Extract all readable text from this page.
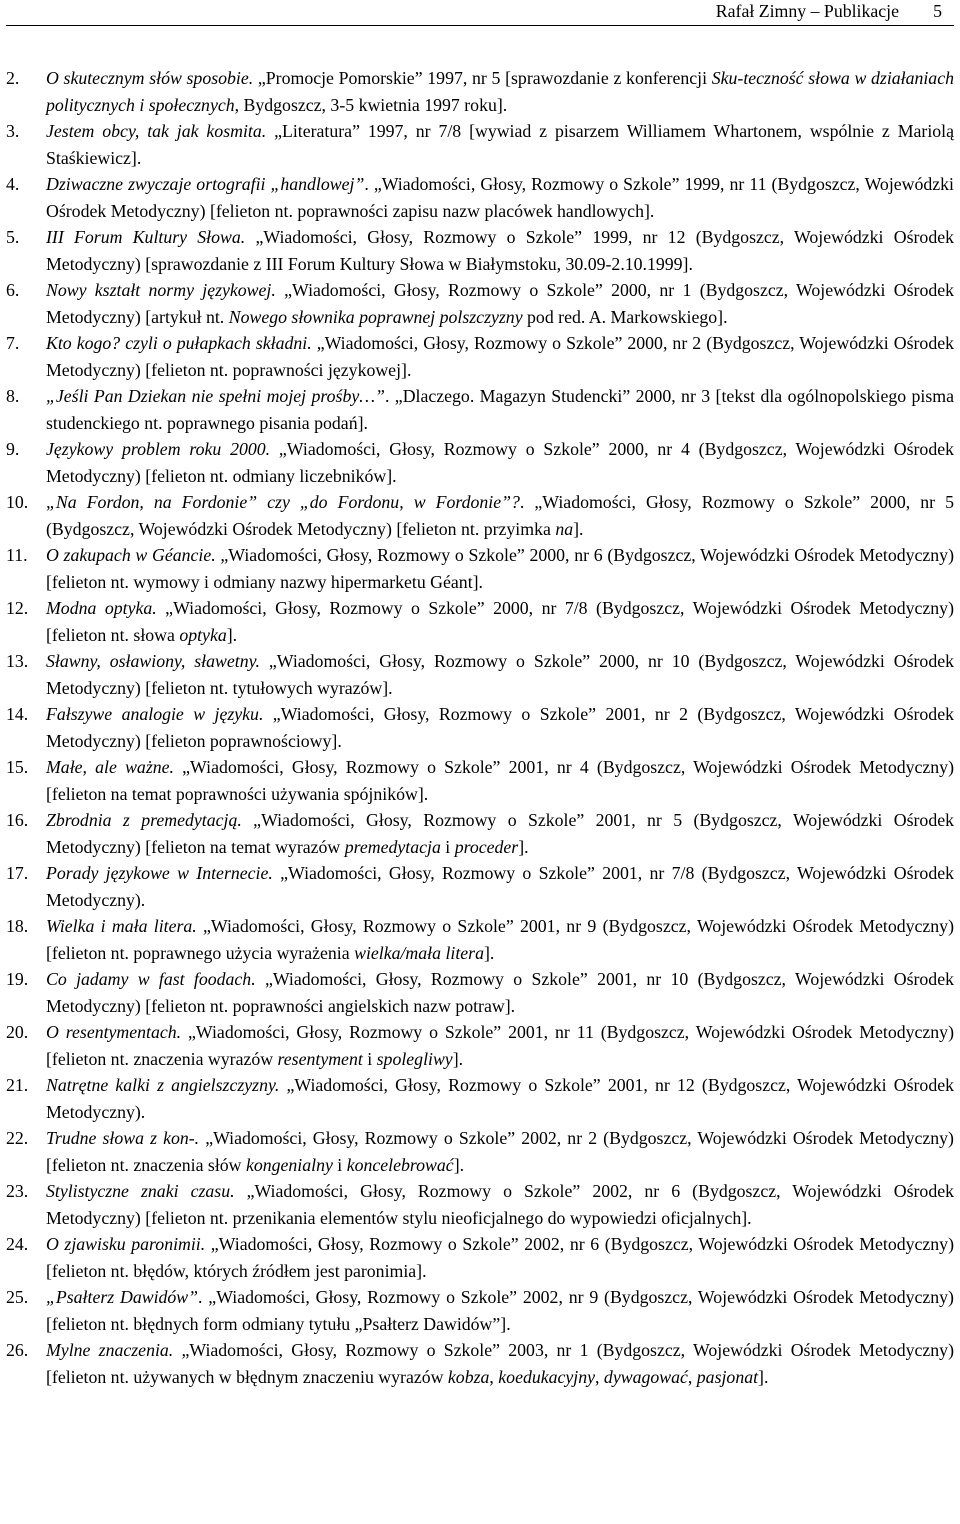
Rafał Zimny – Publikacje 5
2.	O skutecznym słów sposobie. „Promocje Pomorskie” 1997, nr 5 [sprawozdanie z konferencji Sku-teczność słowa w działaniach politycznych i społecznych, Bydgoszcz, 3-5 kwietnia 1997 roku].
3.	Jestem obcy, tak jak kosmita. „Literatura” 1997, nr 7/8 [wywiad z pisarzem Williamem Whartonem, wspólnie z Mariolą Staśkiewicz].
4.	Dziwaczne zwyczaje ortografii „handlowej”. „Wiadomości, Głosy, Rozmowy o Szkole” 1999, nr 11 (Bydgoszcz, Wojewódzki Ośrodek Metodyczny) [felieton nt. poprawności zapisu nazw placówek handlowych].
5.	III Forum Kultury Słowa. „Wiadomości, Głosy, Rozmowy o Szkole” 1999, nr 12 (Bydgoszcz, Wojewódzki Ośrodek Metodyczny) [sprawozdanie z III Forum Kultury Słowa w Białymstoku, 30.09-2.10.1999].
6.	Nowy kształt normy językowej. „Wiadomości, Głosy, Rozmowy o Szkole” 2000, nr 1 (Bydgoszcz, Wojewódzki Ośrodek Metodyczny) [artykuł nt. Nowego słownika poprawnej polszczyzny pod red. A. Markowskiego].
7.	Kto kogo? czyli o pułapkach składni. „Wiadomości, Głosy, Rozmowy o Szkole” 2000, nr 2 (Bydgoszcz, Wojewódzki Ośrodek Metodyczny) [felieton nt. poprawności językowej].
8.	„Jeśli Pan Dziekan nie spełni mojej prośby…”. „Dlaczego. Magazyn Studencki” 2000, nr 3 [tekst dla ogólnopolskiego pisma studenckiego nt. poprawnego pisania podań].
9.	Językowy problem roku 2000. „Wiadomości, Głosy, Rozmowy o Szkole” 2000, nr 4 (Bydgoszcz, Wojewódzki Ośrodek Metodyczny) [felieton nt. odmiany liczebników].
10. „Na Fordon, na Fordonie” czy „do Fordonu, w Fordonie”?. „Wiadomości, Głosy, Rozmowy o Szkole” 2000, nr 5 (Bydgoszcz, Wojewódzki Ośrodek Metodyczny) [felieton nt. przyimka na].
11.	O zakupach w Géancie. „Wiadomości, Głosy, Rozmowy o Szkole” 2000, nr 6 (Bydgoszcz, Wojewódzki Ośrodek Metodyczny) [felieton nt. wymowy i odmiany nazwy hipermarketu Géant].
12. Modna optyka. „Wiadomości, Głosy, Rozmowy o Szkole” 2000, nr 7/8 (Bydgoszcz, Wojewódzki Ośrodek Metodyczny) [felieton nt. słowa optyka].
13. Sławny, osławiony, sławetny. „Wiadomości, Głosy, Rozmowy o Szkole” 2000, nr 10 (Bydgoszcz, Wojewódzki Ośrodek Metodyczny) [felieton nt. tytułowych wyrazów].
14. Fałszywe analogie w języku. „Wiadomości, Głosy, Rozmowy o Szkole” 2001, nr 2 (Bydgoszcz, Wojewódzki Ośrodek Metodyczny) [felieton poprawnościowy].
15. Małe, ale ważne. „Wiadomości, Głosy, Rozmowy o Szkole” 2001, nr 4 (Bydgoszcz, Wojewódzki Ośrodek Metodyczny) [felieton na temat poprawności używania spójników].
16. Zbrodnia z premedytacją. „Wiadomości, Głosy, Rozmowy o Szkole” 2001, nr 5 (Bydgoszcz, Wojewódzki Ośrodek Metodyczny) [felieton na temat wyrazów premedytacja i proceder].
17. Porady językowe w Internecie. „Wiadomości, Głosy, Rozmowy o Szkole” 2001, nr 7/8 (Bydgoszcz, Wojewódzki Ośrodek Metodyczny).
18. Wielka i mała litera. „Wiadomości, Głosy, Rozmowy o Szkole” 2001, nr 9 (Bydgoszcz, Wojewódzki Ośrodek Metodyczny) [felieton nt. poprawnego użycia wyrażenia wielka/mała litera].
19. Co jadamy w fast foodach. „Wiadomości, Głosy, Rozmowy o Szkole” 2001, nr 10 (Bydgoszcz, Wojewódzki Ośrodek Metodyczny) [felieton nt. poprawności angielskich nazw potraw].
20. O resentymentach. „Wiadomości, Głosy, Rozmowy o Szkole” 2001, nr 11 (Bydgoszcz, Wojewódzki Ośrodek Metodyczny) [felieton nt. znaczenia wyrazów resentyment i spolegliwy].
21. Natrętne kalki z angielszczyzny. „Wiadomości, Głosy, Rozmowy o Szkole” 2001, nr 12 (Bydgoszcz, Wojewódzki Ośrodek Metodyczny).
22. Trudne słowa z kon-. „Wiadomości, Głosy, Rozmowy o Szkole” 2002, nr 2 (Bydgoszcz, Wojewódzki Ośrodek Metodyczny) [felieton nt. znaczenia słów kongenialny i koncelebrować].
23. Stylistyczne znaki czasu. „Wiadomości, Głosy, Rozmowy o Szkole” 2002, nr 6 (Bydgoszcz, Wojewódzki Ośrodek Metodyczny) [felieton nt. przenikania elementów stylu nieoficjalnego do wypowiedzi oficjalnych].
24. O zjawisku paronimii. „Wiadomości, Głosy, Rozmowy o Szkole” 2002, nr 6 (Bydgoszcz, Wojewódzki Ośrodek Metodyczny) [felieton nt. błędów, których źródłem jest paronimia].
25. „Psałterz Dawidów”. „Wiadomości, Głosy, Rozmowy o Szkole” 2002, nr 9 (Bydgoszcz, Wojewódzki Ośrodek Metodyczny) [felieton nt. błędnych form odmiany tytułu „Psałterz Dawidów”].
26. Mylne znaczenia. „Wiadomości, Głosy, Rozmowy o Szkole” 2003, nr 1 (Bydgoszcz, Wojewódzki Ośrodek Metodyczny) [felieton nt. używanych w błędnym znaczeniu wyrazów kobza, koedukacyjny, dywagować, pasjonat].
